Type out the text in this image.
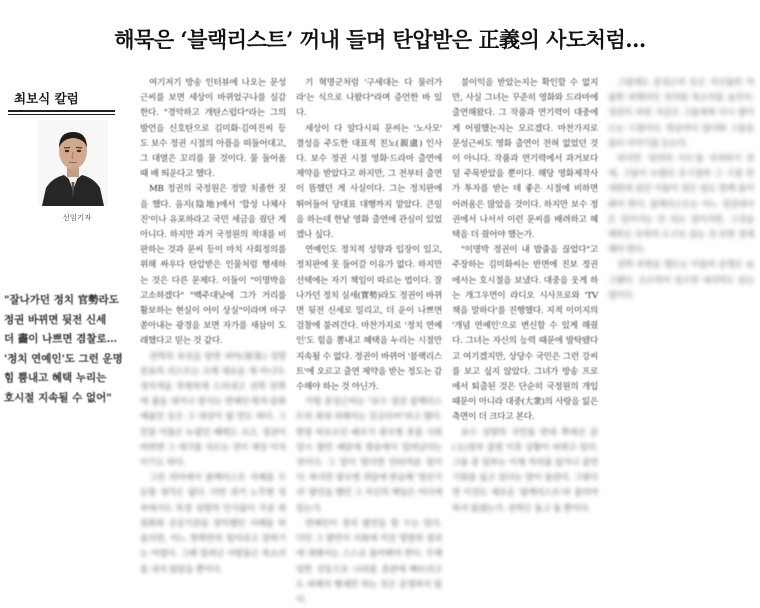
해묵은 ‘블랙리스트’ 꺼내 들며 탄압받은 正義의 사도처럼…
최보식 칼럼
선임기자

"잘나가던 정치 官勢라도

정권 바뀌면 뒷전 신세

더 畵이 나쁘면 겸찰로…

'정치 연예인'도 그런 운명

힘 뿜내고 혜택 누리는

호시절 지속될 수 없어"

여기저기 방송 인터뷰에 나오는 문성근씨를 보면 세상이 바뀌었구나를 실감한다. "경악하고 개탄스럽다"라는 그의 발언을 신호탄으로 김미화·김여진씨 등도 보수 정권 시절의 아픔을 떠들어대고, 그 대열은 꼬리를 물 것이다. 물 들어올 때 배 띄운다고 했다.

MB 정권의 국정원은 정말 치졸한 짓을 했다. 음지(陰地)에서 '합성 나체사진'이나 유포하라고 국민 세금을 줬단 게 아니다. 하지만 과거 국정원의 적대를 비판하는 것과 문씨 등이 마치 사회정의를 위해 싸우다 탄압받은 인물처럼 행세하는 것은 다른 문제다. 이들이 "이명박을 고소하겠다" "백주대낮에 그가 거리를 활보하는 현실이 어이 상실"이라며 마구 쏟아내는 광경을 보면 자가를 새삼이 도래했다고 믿는 것 같다.

권력의 속성을 알면 피아(彼我) 성향 분류의 리스트는 크게 새로운 게 아니다. 정치색을 뚜렷하게 드러내고 권력 반쪽에 줄을 대거나 맞서는 연예인·학자·문화예술인 등은 그 대상이 될 만도 하다. 그만큼 이들은 누렸던 혜택도 크고, 정권이 바뀌면 그 대가를 치르는 것이 세상 이치이기도 하다.

그런 의미에서 블랙리스트 자체를 두둔할 생각은 없다. 다만 과거 노무현 정부에서도 특정 성향의 인사들이 각종 위원회와 공공기관을 장악했던 사례를 떠올리면, 어느 한쪽만의 일이라고 말하기는 어렵다. 그때 밀려난 사람들은 목소리를 내지 않았을 뿐이다.

기 혁명군처럼 '구세대는 다 물러가라'는 식으로 나왔다"라며 증언한 바 있다.

세상이 다 알다시피 문씨는 '노사모' 결성을 주도한 대표적 친노(親盧) 인사다. 보수 정권 시절 영화·드라마 출연에 제약을 받았다고 하지만, 그 전부터 출연이 뜸했던 게 사실이다. 그는 정치판에 뛰어들어 당대표 대행까지 맡았다. 큰일을 하는데 한낱 영화 출연에 관심이 있었겠나 싶다.

연예인도 정치적 성향과 입장이 있고, 정치판에 못 들어갈 이유가 없다. 하지만 선택에는 자기 책임이 따르는 법이다. 잘나가던 정치 실세(實勢)라도 정권이 바뀌면 뒷전 신세로 밀리고, 더 운이 나쁘면 검찰에 불려간다. 마찬가지로 '정치 연예인'도 힘을 뽐내고 혜택을 누리는 시절만 지속될 수 없다. 정권이 바뀌어 '블랙리스트'에 오르고 출연 제약을 받는 정도는 감수해야 하는 것 아닌가.

가령 문성근씨는 "보수 정권 블랙리스트의 최대 피해자는 김규리씨"라고 했다. 한창 떠오르던 배우가 광우병 촛불 시위 당시 발언 때문에 방송에서 밀려났다는 것이다. 그 말이 맞다면 안타까운 일이다. 하지만 광우병 괴담에 편승해 '청산가리' 발언을 했던 그 자신의 책임은 어디에 있는가.

연예인이 정치 발언을 할 수는 있다. 다만 그 발언이 사회에 끼친 영향과 결과에 대해서는 스스로 돌아봐야 한다. 무책임한 선동으로 나라를 혼란에 빠뜨리고도 피해자 행세만 하는 것은 공정하지 않다.

불이익을 받았는지는 확인할 수 없지만, 사실 그녀는 꾸준히 영화와 드라마에 출연해왔다. 그 작품과 연기력이 대중에게 어필했는지는 모르겠다. 마찬가지로 문성근씨도 영화 출연이 전혀 없었던 것이 아니다. 작품과 연기력에서 과거보다 덜 주목받았을 뿐이다. 해당 영화제작사가 투자를 받는 데 좋은 시절에 비하면 어려움은 많았을 것이다. 하지만 보수 정권에서 나서서 이런 문씨를 배려하고 혜택을 더 줬어야 했는가.

"이명박 정권이 내 밥줄을 끊었다"고 주장하는 김미화씨는 반면에 진보 정권에서는 호시절을 보냈다. 대중을 웃게 하는 개그우먼이 라디오 시사프로와 'TV 책을 말하다'를 진행했다. 지적 이미지의 '개념 연예인'으로 변신할 수 있게 해줬다. 그녀는 자신의 능력 때문에 발탁됐다고 여기겠지만, 상당수 국민은 그런 강씨를 보고 싶지 않았다. 그녀가 방송 프로에서 퇴출된 것은 단순히 국정원의 개입 때문이 아니라 대중(大衆)의 사랑을 잃은 측면이 더 크다고 본다.

보수 성향의 국민들 반대 쪽에선 문(文)정부 출범 이후 상황이 바뀌고 있다. 그들 중 일부는 이제 자리를 잃거나 출연 기회를 잃고 있다는 말이 들린다. 그렇다면 이것도 새로운 '블랙리스트'라 불러야 하지 않겠는가. 권력은 돌고 돌 뿐이다.

그럼에도 문성근씨 등은 자신들만 억울한 피해자인 것처럼 목소리를 높인다. 정권이 바뀐 지금은 그들에게 다시 볕이 드는 시절이다. 방송마다 앞다퉈 그들을 불러 이야기를 듣는다.

하지만 '정의의 사도'를 자처하기 전에, 그들이 누렸던 호시절과 그 시절 반대편에 섰던 이들이 겪은 일도 함께 돌아봐야 한다. 블랙리스트는 어느 정권에서든 있어서는 안 되는 일이지만, 그것을 해묵은 보복의 도구로 삼는 것 또한 경계해야 한다.

권력 주변을 맴도는 이들의 운명은 늘 그랬다. 오르막이 있으면 내리막도 있는 법이다.
